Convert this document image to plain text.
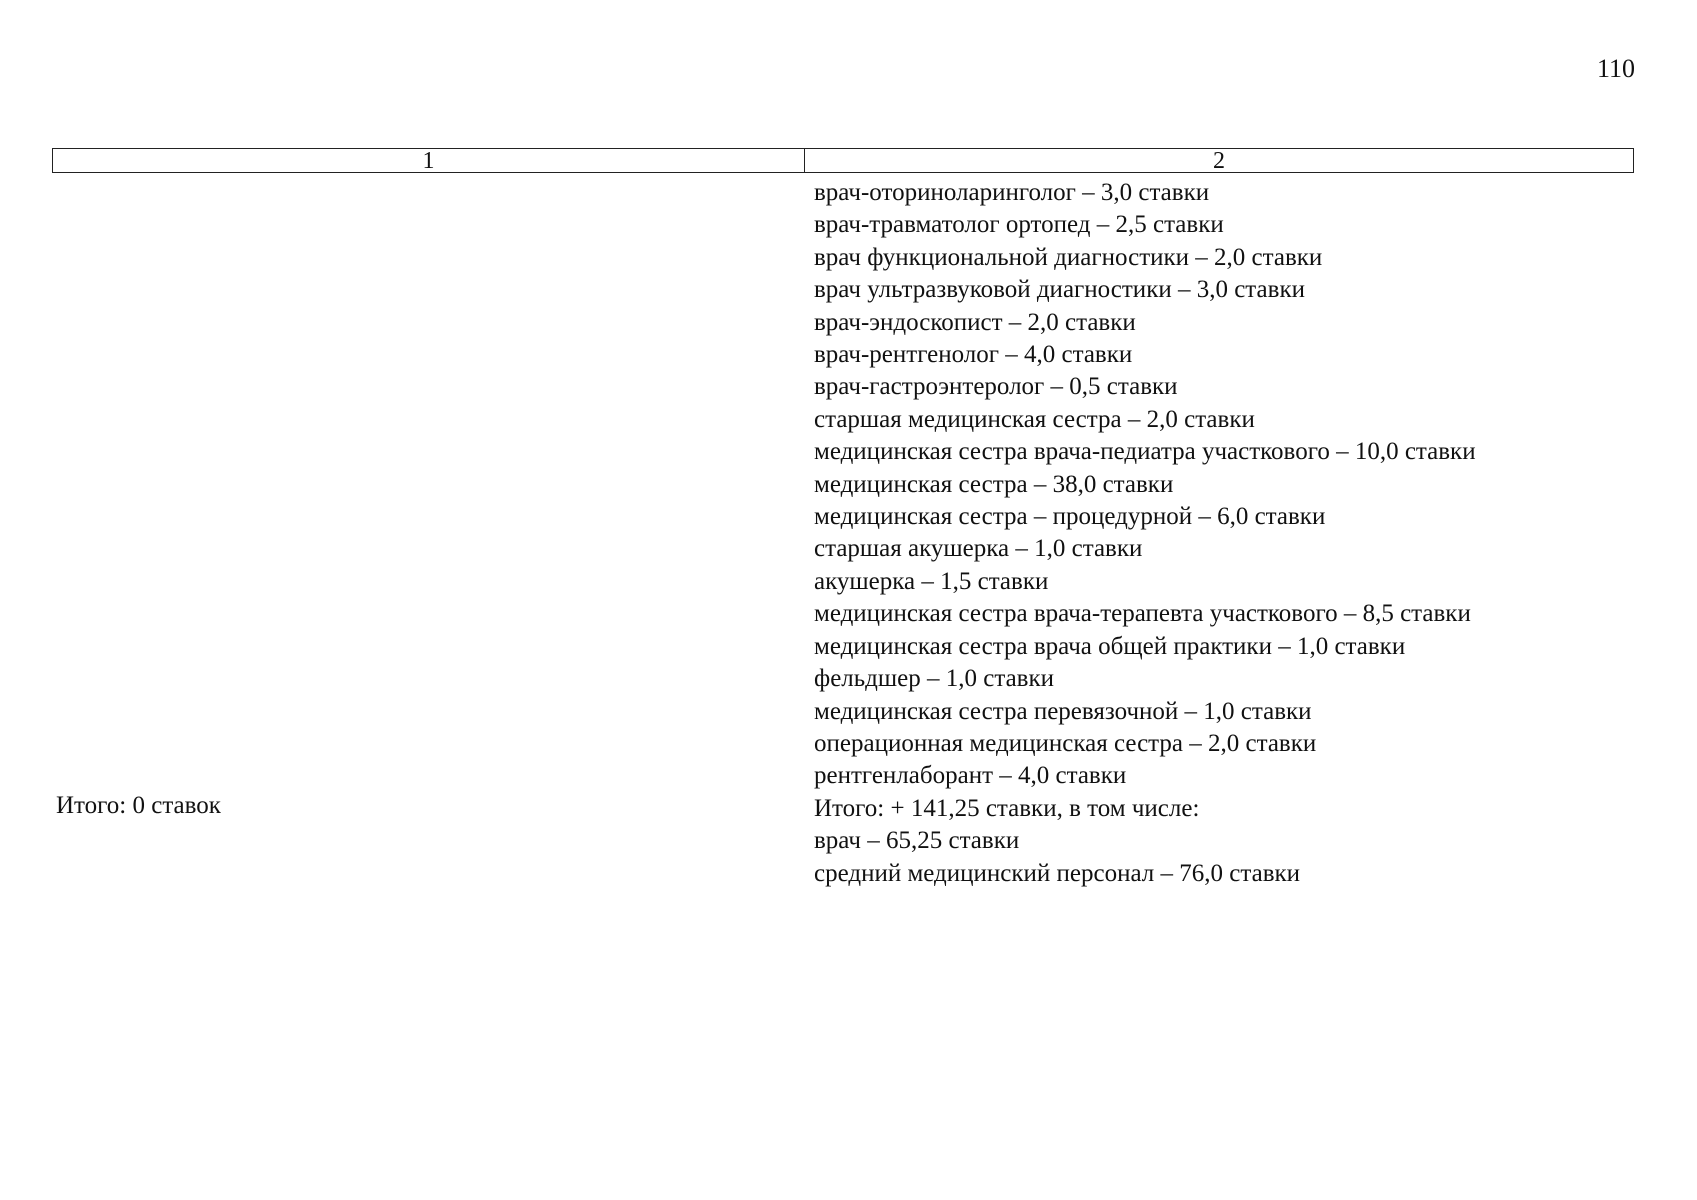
110
1	2
врач-оториноларинголог – 3,0 ставки
врач-травматолог ортопед – 2,5 ставки
врач функциональной диагностики – 2,0 ставки
врач ультразвуковой диагностики – 3,0 ставки
врач-эндоскопист – 2,0 ставки
врач-рентгенолог – 4,0 ставки
врач-гастроэнтеролог – 0,5 ставки
старшая медицинская сестра – 2,0 ставки
медицинская сестра врача-педиатра участкового – 10,0 ставки
медицинская сестра – 38,0 ставки
медицинская сестра – процедурной – 6,0 ставки
старшая акушерка – 1,0 ставки
акушерка – 1,5 ставки
медицинская сестра врача-терапевта участкового – 8,5 ставки
медицинская сестра врача общей практики – 1,0 ставки
фельдшер – 1,0 ставки
медицинская сестра перевязочной – 1,0 ставки
операционная медицинская сестра – 2,0 ставки
рентгенлаборант – 4,0 ставки
Итого: + 141,25 ставки, в том числе:
врач – 65,25 ставки
средний медицинский персонал – 76,0 ставки
Итого: 0 ставок
